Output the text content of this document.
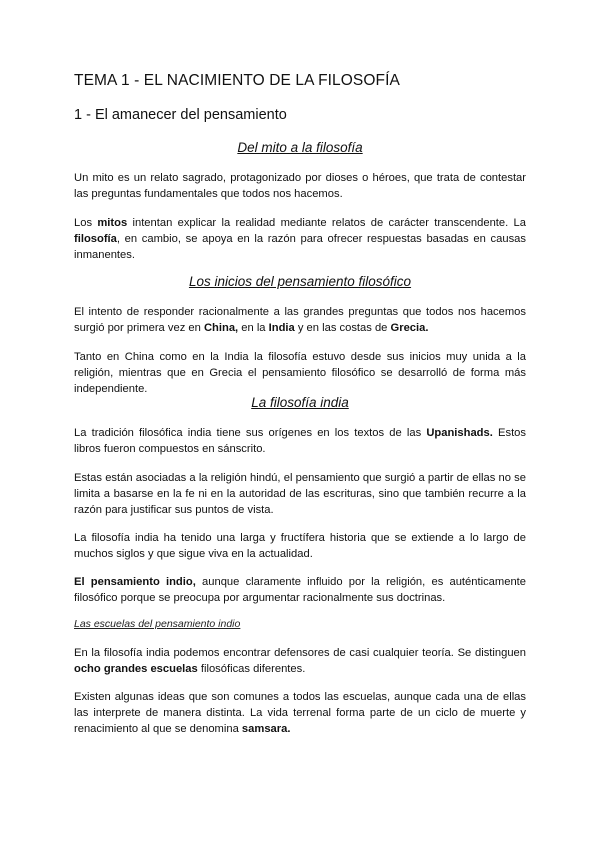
TEMA 1 - EL NACIMIENTO DE LA FILOSOFÍA
1 - El amanecer del pensamiento
Del mito a la filosofía

Un mito es un relato sagrado, protagonizado por dioses o héroes, que trata de contestar las preguntas fundamentales que todos nos hacemos.

Los mitos intentan explicar la realidad mediante relatos de carácter transcendente. La filosofía, en cambio, se apoya en la razón para ofrecer respuestas basadas en causas inmanentes.

Los inicios del pensamiento filosófico

El intento de responder racionalmente a las grandes preguntas que todos nos hacemos surgió por primera vez en China, en la India y en las costas de Grecia.

Tanto en China como en la India la filosofía estuvo desde sus inicios muy unida a la religión, mientras que en Grecia el pensamiento filosófico se desarrolló de forma más independiente.

La filosofía india

La tradición filosófica india tiene sus orígenes en los textos de las Upanishads. Estos libros fueron compuestos en sánscrito.

Estas están asociadas a la religión hindú, el pensamiento que surgió a partir de ellas no se limita a basarse en la fe ni en la autoridad de las escrituras, sino que también recurre a la razón para justificar sus puntos de vista.

La filosofía india ha tenido una larga y fructífera historia que se extiende a lo largo de muchos siglos y que sigue viva en la actualidad.

El pensamiento indio, aunque claramente influido por la religión, es auténticamente filosófico porque se preocupa por argumentar racionalmente sus doctrinas.

Las escuelas del pensamiento indio

En la filosofía india podemos encontrar defensores de casi cualquier teoría. Se distinguen ocho grandes escuelas filosóficas diferentes.

Existen algunas ideas que son comunes a todos las escuelas, aunque cada una de ellas las interprete de manera distinta. La vida terrenal forma parte de un ciclo de muerte y renacimiento al que se denomina samsara.
